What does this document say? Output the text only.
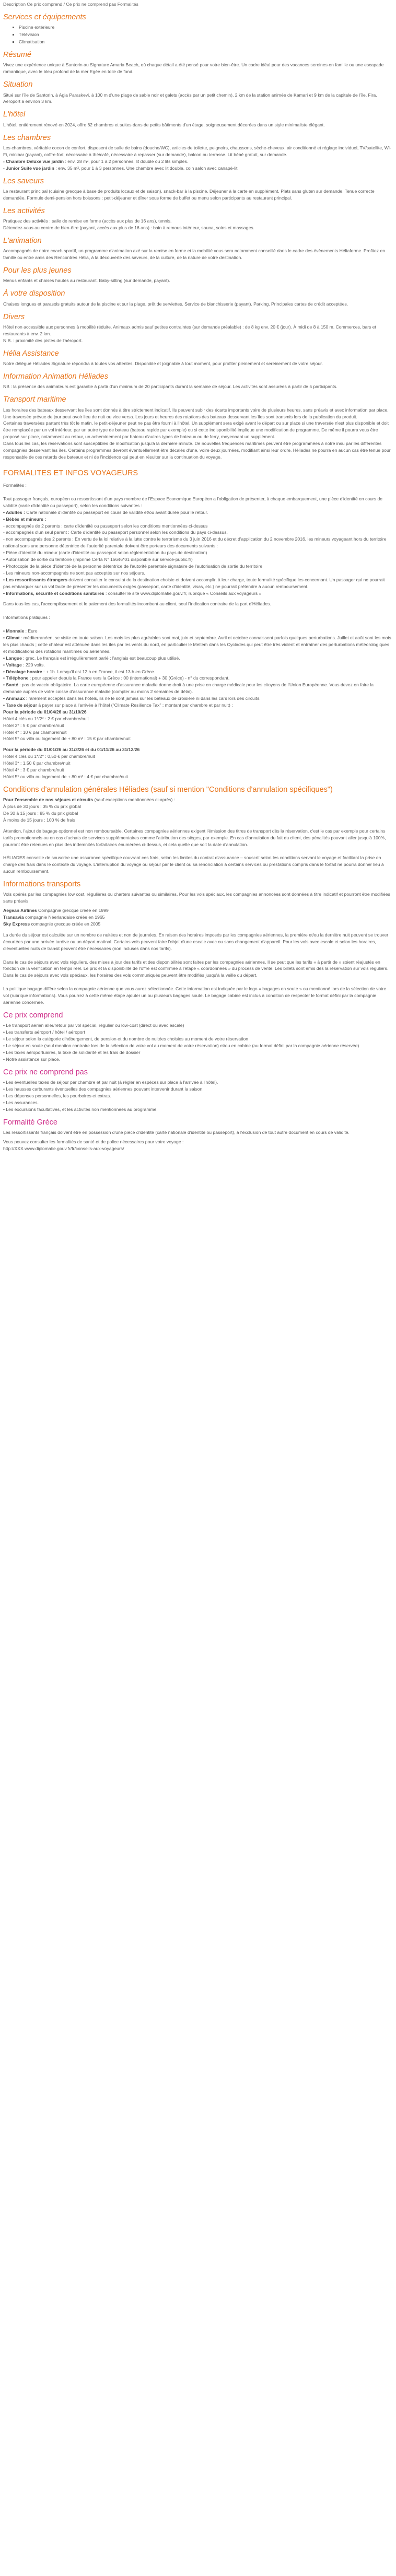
Description Ce prix comprend / Ce prix ne comprend pas Formalités
Services et équipements
▪ Piscine extérieure
▪ Télévision
▪ Climatisation
Résumé

Vivez une expérience unique à Santorin au Signature Amaria Beach, où chaque détail a été pensé pour votre bien-être. Un cadre idéal pour des vacances sereines en famille ou une escapade romantique, avec le bleu profond de la mer Egée en toile de fond.

Situation

Situé sur l'île de Santorin, à Agia Paraskevi, à 100 m d'une plage de sable noir et galets (accès par un petit chemin), 2 km de la station animée de Kamari et 9 km de la capitale de l'île, Fira. Aéroport à environ 3 km.

L'hôtel

L'hôtel, entièrement rénové en 2024, offre 62 chambres et suites dans de petits bâtiments d'un étage, soigneusement décorées dans un style minimaliste élégant.

Les chambres

Les chambres, véritable cocon de confort, disposent de salle de bains (douche/WC), articles de toilette, peignoirs, chaussons, sèche-cheveux, air conditionné et réglage individuel, TV/satellite, Wi-Fi, minibar (payant), coffre-fort, nécessaire à thé/café, nécessaire à repasser (sur demande), balcon ou terrasse. Lit bébé gratuit, sur demande.

- Chambre Deluxe vue jardin : env. 28 m², pour 1 à 2 personnes, lit double ou 2 lits simples.

- Junior Suite vue jardin : env. 35 m², pour 1 à 3 personnes. Une chambre avec lit double, coin salon avec canapé-lit.

Les saveurs

Le restaurant principal (cuisine grecque à base de produits locaux et de saison), snack-bar à la piscine. Déjeuner à la carte en supplément. Plats sans gluten sur demande. Tenue correcte demandée. Formule demi-pension hors boissons : petit-déjeuner et dîner sous forme de buffet ou menu selon participants au restaurant principal.

Les activités

Pratiquez des activités : salle de remise en forme (accès aux plus de 16 ans), tennis.

Détendez-vous au centre de bien-être (payant, accès aux plus de 16 ans) : bain à remous intérieur, sauna, soins et massages.

L'animation

Accompagnés de notre coach sportif, un programme d'animation axé sur la remise en forme et la mobilité vous sera notamment conseillé dans le cadre des évènements Héliaforme. Profitez en famille ou entre amis des Rencontres Hélia, à la découverte des saveurs, de la culture, de la nature de votre destination.

Pour les plus jeunes

Menus enfants et chaises hautes au restaurant. Baby-sitting (sur demande, payant).

À votre disposition

Chaises longues et parasols gratuits autour de la piscine et sur la plage, prêt de serviettes. Service de blanchisserie (payant). Parking. Principales cartes de crédit acceptées.

Divers

Hôtel non accessible aux personnes à mobilité réduite. Animaux admis sauf petites contraintes (sur demande préalable) : de 8 kg env. 20 € (jour). À midi de 8 à 150 m. Commerces, bars et restaurants à env. 2 km.

N.B. : proximité des pistes de l'aéroport.

Hélia Assistance

Notre délégué Héliades Signature répondra à toutes vos attentes. Disponible et joignable à tout moment, pour profiter pleinement et sereinement de votre séjour.

Information Animation Héliades

NB : la présence des animateurs est garantie à partir d'un minimum de 20 participants durant la semaine de séjour. Les activités sont assurées à partir de 5 participants.

Transport maritime

Les horaires des bateaux desservant les îles sont donnés à titre strictement indicatif. Ils peuvent subir des écarts importants voire de plusieurs heures, sans préavis et avec information par place. Une traversée prévue de jour peut avoir lieu de nuit ou vice versa. Les jours et heures des rotations des bateaux desservant les îles sont transmis lors de la publication du produit.

Certaines traversées partant très tôt le matin, le petit-déjeuner peut ne pas être fourni à l'hôtel. Un supplément sera exigé avant le départ ou sur place si une traversée n'est plus disponible et doit être remplacée par un vol intérieur, par un autre type de bateau (bateau rapide par exemple) ou si cette indisponibilité implique une modification de programme. De même il pourra vous être proposé sur place, notamment au retour, un acheminement par bateau d'autres types de bateaux ou de ferry, moyennant un supplément.

Dans tous les cas, les réservations sont susceptibles de modification jusqu'à la dernière minute. De nouvelles fréquences maritimes peuvent être programmées à notre insu par les différentes compagnies desservant les îles. Certains programmes devront éventuellement être décalés d'une, voire deux journées, modifiant ainsi leur ordre. Héliades ne pourra en aucun cas être tenue pour responsable de ces retards des bateaux et ni de l'incidence qui peut en résulter sur la continuation du voyage.

FORMALITES ET INFOS VOYAGEURS

Formalités :

Tout passager français, européen ou ressortissant d'un pays membre de l'Espace Economique Européen a l'obligation de présenter, à chaque embarquement, une pièce d'identité en cours de validité (carte d'identité ou passeport), selon les conditions suivantes :

• Adultes : Carte nationale d'identité ou passeport en cours de validité et/ou avant durée pour le retour.

• Bébés et mineurs :

- accompagnés de 2 parents : carte d'identité ou passeport selon les conditions mentionnées ci-dessus

- accompagnés d'un seul parent : Carte d'identité ou passeport personnel selon les conditions du pays ci-dessus,

- non accompagnés des 2 parents : En vertu de la loi relative à la lutte contre le terrorisme du 3 juin 2016 et du décret d'application du 2 novembre 2016, les mineurs voyageant hors du territoire national sans une personne détentrice de l'autorité parentale doivent être porteurs des documents suivants :

• Pièce d'identité du mineur (carte d'identité ou passeport selon réglementation du pays de destination)

• Autorisation de sortie du territoire (imprimé Cerfa N° 15646*01 disponible sur service-public.fr)

• Photocopie de la pièce d'identité de la personne détentrice de l'autorité parentale signataire de l'autorisation de sortie du territoire

- Les mineurs non-accompagnés ne sont pas acceptés sur nos séjours.

• Les ressortissants étrangers doivent consulter le consulat de la destination choisie et doivent accomplir, à leur charge, toute formalité spécifique les concernant. Un passager qui ne pourrait pas embarquer sur un vol faute de présenter les documents exigés (passeport, carte d'identité, visas, etc.) ne pourrait prétendre à aucun remboursement.

• Informations, sécurité et conditions sanitaires : consulter le site www.diplomatie.gouv.fr, rubrique « Conseils aux voyageurs »

Dans tous les cas, l'accomplissement et le paiement des formalités incombent au client, seul l'indication contraire de la part d'Héliades.

Informations pratiques :

• Monnaie : Euro

• Climat : méditerranéen, se visite en toute saison. Les mois les plus agréables sont mai, juin et septembre. Avril et octobre connaissent parfois quelques perturbations. Juillet et août sont les mois les plus chauds ; cette chaleur est atténuée dans les îles par les vents du nord, en particulier le Meltem dans les Cyclades qui peut être très violent et entraîner des perturbations météorologiques et modifications des rotations maritimes ou aériennes.

• Langue : grec. Le français est irrégulièrement parlé ; l'anglais est beaucoup plus utilisé.

• Voltage : 220 volts.

• Décalage horaire : + 1h. Lorsqu'il est 12 h en France, il est 13 h en Grèce.

• Téléphone : pour appeler depuis la France vers la Grèce : 00 (international) + 30 (Grèce) - n° du correspondant.

• Santé : pas de vaccin obligatoire. La carte européenne d'assurance maladie donne droit à une prise en charge médicale pour les citoyens de l'Union Européenne. Vous devez en faire la demande auprès de votre caisse d'assurance maladie (compter au moins 2 semaines de délai).

• Animaux : rarement acceptés dans les hôtels, ils ne le sont jamais sur les bateaux de croisière ni dans les cars lors des circuits.

• Taxe de séjour à payer sur place à l'arrivée à l'hôtel ("Climate Resilience Tax" ; montant par chambre et par nuit) :

Pour la période du 01/04/26 au 31/10/26

Hôtel 4 clés ou 1*/2* : 2 € par chambre/nuit

Hôtel 3* : 5 € par chambre/nuit

Hôtel 4* : 10 € par chambre/nuit

Hôtel 5* ou villa ou logement de + 80 m² : 15 € par chambre/nuit

Pour la période du 01/01/26 au 31/3/26 et du 01/11/26 au 31/12/26

Hôtel 4 clés ou 1*/2* : 0,50 € par chambre/nuit

Hôtel 3* : 1,50 € par chambre/nuit

Hôtel 4* : 3 € par chambre/nuit

Hôtel 5* ou villa ou logement de + 80 m² : 4 € par chambre/nuit

Conditions d'annulation générales Héliades (sauf si mention "Conditions d'annulation spécifiques")

Pour l'ensemble de nos séjours et circuits (sauf exceptions mentionnées ci-après) :

À plus de 30 jours : 35 % du prix global

De 30 à 15 jours : 85 % du prix global

À moins de 15 jours : 100 % de frais

Attention, l'ajout de bagage optionnel est non remboursable. Certaines compagnies aériennes exigent l'émission des titres de transport dès la réservation, c'est le cas par exemple pour certains tarifs promotionnels ou en cas d'achats de services supplémentaires comme l'attribution des sièges, par exemple. En cas d'annulation du fait du client, des pénalités pouvant aller jusqu'à 100%, pourront être retenues en plus des indemnités forfaitaires énumérées ci-dessus, et cela quelle que soit la date d'annulation.

HÉLIADES conseille de souscrire une assurance spécifique couvrant ces frais, selon les limites du contrat d'assurance – souscrit selon les conditions servant le voyage et facilitant la prise en charge des frais dans le contexte du voyage. L'interruption du voyage ou séjour par le client ou sa renonciation à certains services ou prestations compris dans le forfait ne pourra donner lieu à aucun remboursement.

Informations transports

Vols opérés par les compagnies low cost, régulières ou charters suivantes ou similaires. Pour les vols spéciaux, les compagnies annoncées sont données à titre indicatif et pourront être modifiées sans préavis.

Aegean Airlines Compagnie grecque créée en 1999

Transavia compagnie Néerlandaise créée en 1965

Sky Express compagnie grecque créée en 2005

La durée du séjour est calculée sur un nombre de nuitées et non de journées. En raison des horaires imposés par les compagnies aériennes, la première et/ou la dernière nuit peuvent se trouver écourtées par une arrivée tardive ou un départ matinal. Certains vols peuvent faire l'objet d'une escale avec ou sans changement d'appareil. Pour les vols avec escale et selon les horaires, d'éventuelles nuits de transit peuvent être nécessaires (non incluses dans nos tarifs).

Dans le cas de séjours avec vols réguliers, des mises à jour des tarifs et des disponibilités sont faites par les compagnies aériennes. Il se peut que les tarifs « à partir de » soient réajustés en fonction de la vérification en temps réel. Le prix et la disponibilité de l'offre est confirmée à l'étape « coordonnées » du process de vente. Les billets sont émis dès la réservation sur vols réguliers. Dans le cas de séjours avec vols spéciaux, les horaires des vols communiqués peuvent être modifiés jusqu'à la veille du départ.

La politique bagage diffère selon la compagnie aérienne que vous aurez sélectionnée. Cette information est indiquée par le logo « bagages en soute » ou mentionné lors de la sélection de votre vol (rubrique informations). Vous pourrez à cette même étape ajouter un ou plusieurs bagages soute. Le bagage cabine est inclus à condition de respecter le format défini par la compagnie aérienne concernée.

Ce prix comprend

• Le transport aérien aller/retour par vol spécial, régulier ou low-cost (direct ou avec escale)

• Les transferts aéroport / hôtel / aéroport

• Le séjour selon la catégorie d'hébergement, de pension et du nombre de nuitées choisies au moment de votre réservation

• Le séjour en soute (seul mention contraire lors de la sélection de votre vol au moment de votre réservation) et/ou en cabine (au format défini par la compagnie aérienne réservée)

• Les taxes aéroportuaires, la taxe de solidarité et les frais de dossier

• Notre assistance sur place.

Ce prix ne comprend pas

• Les éventuelles taxes de séjour par chambre et par nuit (à régler en espèces sur place à l'arrivée à l'hôtel).

• Les hausses carburants éventuelles des compagnies aériennes pouvant intervenir durant la saison.

• Les dépenses personnelles, les pourboires et extras.

• Les assurances.

• Les excursions facultatives, et les activités non mentionnées au programme.

Formalité Grèce

Les ressortissants français doivent être en possession d'une pièce d'identité (carte nationale d'identité ou passeport), à l'exclusion de tout autre document en cours de validité.

Vous pouvez consulter les formalités de santé et de police nécessaires pour votre voyage :

http://XXX.www.diplomatie.gouv.fr/fr/conseils-aux-voyageurs/
